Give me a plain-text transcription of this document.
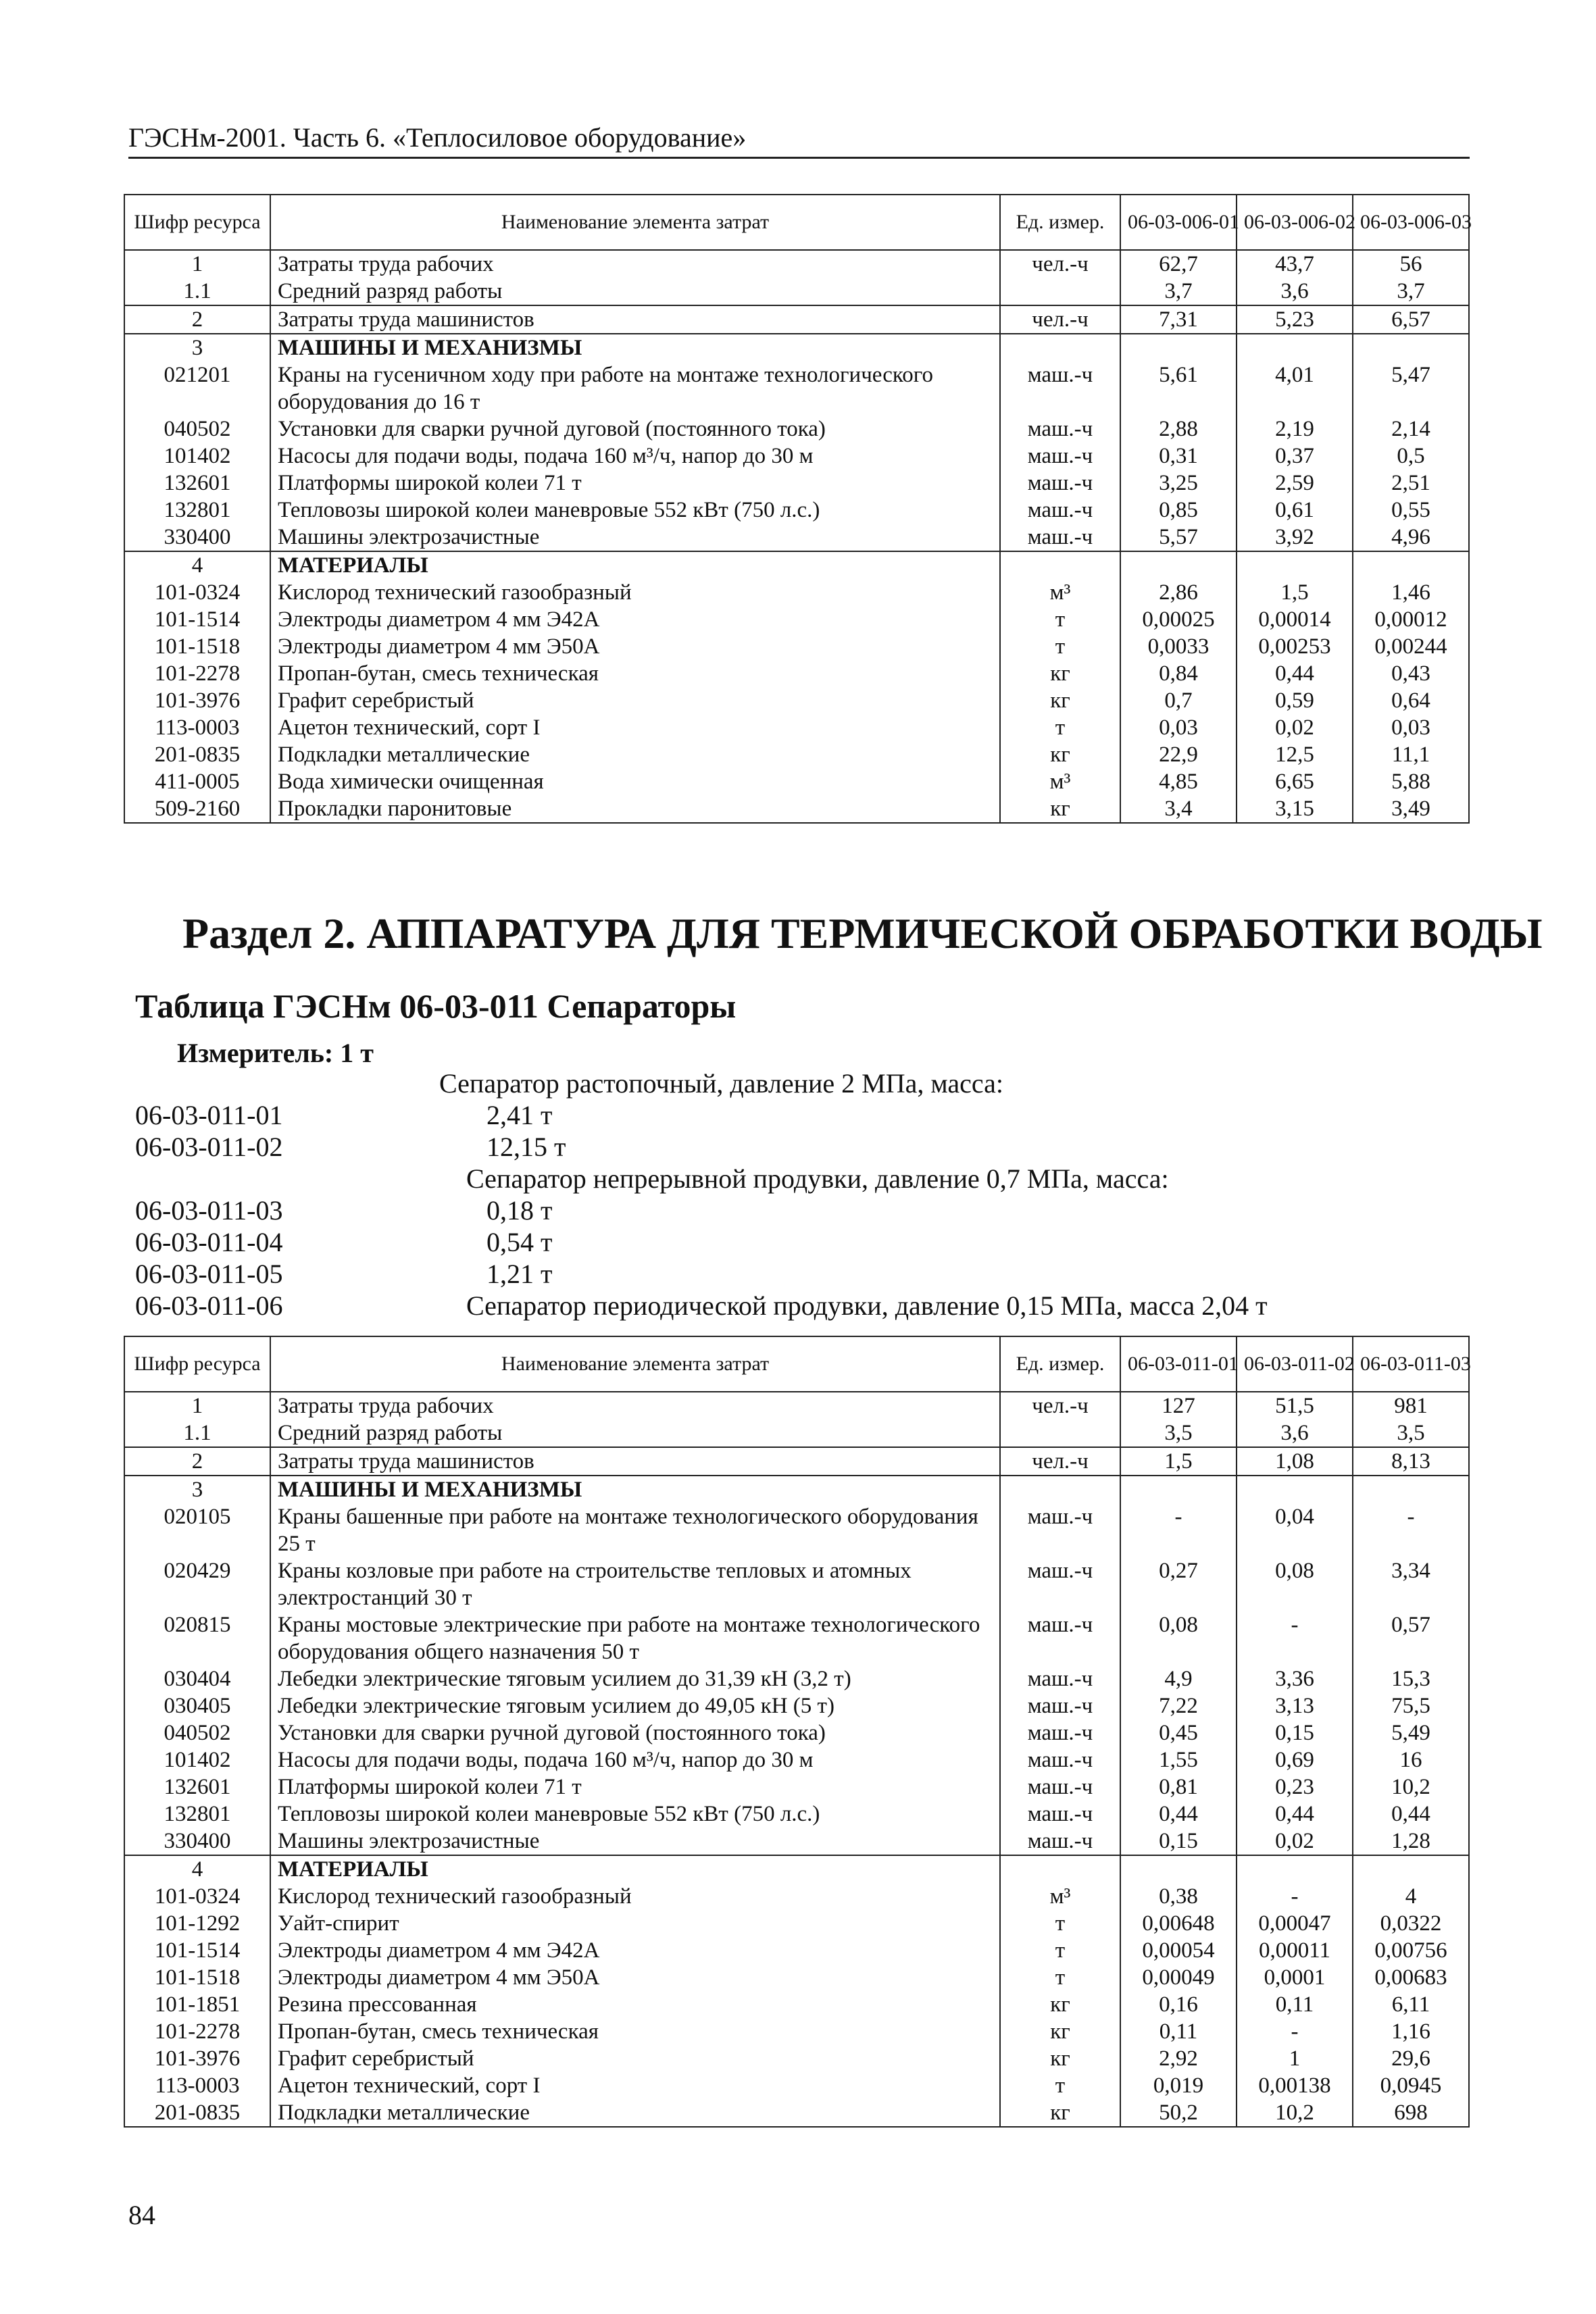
ГЭСНм-2001. Часть 6. «Теплосиловое оборудование»
Шифр ресурса	Наименование элемента затрат	Ед. измер.	06-03-006-01	06-03-006-02	06-03-006-03
1	Затраты труда рабочих	чел.-ч	62,7	43,7	56
1.1	Средний разряд работы		3,7	3,6	3,7
2	Затраты труда машинистов	чел.-ч	7,31	5,23	6,57
3	МАШИНЫ И МЕХАНИЗМЫ				
021201	Краны на гусеничном ходу при работе на монтаже технологического оборудования до 16 т	маш.-ч	5,61	4,01	5,47
040502	Установки для сварки ручной дуговой (постоянного тока)	маш.-ч	2,88	2,19	2,14
101402	Насосы для подачи воды, подача 160 м³/ч, напор до 30 м	маш.-ч	0,31	0,37	0,5
132601	Платформы широкой колеи 71 т	маш.-ч	3,25	2,59	2,51
132801	Тепловозы широкой колеи маневровые 552 кВт (750 л.с.)	маш.-ч	0,85	0,61	0,55
330400	Машины электрозачистные	маш.-ч	5,57	3,92	4,96
4	МАТЕРИАЛЫ				
101-0324	Кислород технический газообразный	м³	2,86	1,5	1,46
101-1514	Электроды диаметром 4 мм Э42А	т	0,00025	0,00014	0,00012
101-1518	Электроды диаметром 4 мм Э50А	т	0,0033	0,00253	0,00244
101-2278	Пропан-бутан, смесь техническая	кг	0,84	0,44	0,43
101-3976	Графит серебристый	кг	0,7	0,59	0,64
113-0003	Ацетон технический, сорт I	т	0,03	0,02	0,03
201-0835	Подкладки металлические	кг	22,9	12,5	11,1
411-0005	Вода химически очищенная	м³	4,85	6,65	5,88
509-2160	Прокладки паронитовые	кг	3,4	3,15	3,49
Раздел 2. АППАРАТУРА ДЛЯ ТЕРМИЧЕСКОЙ ОБРАБОТКИ ВОДЫ
Таблица ГЭСНм 06-03-011 Сепараторы
Измеритель: 1 т
Сепаратор растопочный, давление 2 МПа, масса:
06-03-011-01	2,41 т
06-03-011-02	12,15 т
Сепаратор непрерывной продувки, давление 0,7 МПа, масса:
06-03-011-03	0,18 т
06-03-011-04	0,54 т
06-03-011-05	1,21 т
06-03-011-06	Сепаратор периодической продувки, давление 0,15 МПа, масса 2,04 т
Шифр ресурса	Наименование элемента затрат	Ед. измер.	06-03-011-01	06-03-011-02	06-03-011-03
1	Затраты труда рабочих	чел.-ч	127	51,5	981
1.1	Средний разряд работы		3,5	3,6	3,5
2	Затраты труда машинистов	чел.-ч	1,5	1,08	8,13
3	МАШИНЫ И МЕХАНИЗМЫ				
020105	Краны башенные при работе на монтаже технологического оборудования 25 т	маш.-ч	-	0,04	-
020429	Краны козловые при работе на строительстве тепловых и атомных электростанций 30 т	маш.-ч	0,27	0,08	3,34
020815	Краны мостовые электрические при работе на монтаже технологического оборудования общего назначения 50 т	маш.-ч	0,08	-	0,57
030404	Лебедки электрические тяговым усилием до 31,39 кН (3,2 т)	маш.-ч	4,9	3,36	15,3
030405	Лебедки электрические тяговым усилием до 49,05 кН (5 т)	маш.-ч	7,22	3,13	75,5
040502	Установки для сварки ручной дуговой (постоянного тока)	маш.-ч	0,45	0,15	5,49
101402	Насосы для подачи воды, подача 160 м³/ч, напор до 30 м	маш.-ч	1,55	0,69	16
132601	Платформы широкой колеи 71 т	маш.-ч	0,81	0,23	10,2
132801	Тепловозы широкой колеи маневровые 552 кВт (750 л.с.)	маш.-ч	0,44	0,44	0,44
330400	Машины электрозачистные	маш.-ч	0,15	0,02	1,28
4	МАТЕРИАЛЫ				
101-0324	Кислород технический газообразный	м³	0,38	-	4
101-1292	Уайт-спирит	т	0,00648	0,00047	0,0322
101-1514	Электроды диаметром 4 мм Э42А	т	0,00054	0,00011	0,00756
101-1518	Электроды диаметром 4 мм Э50А	т	0,00049	0,0001	0,00683
101-1851	Резина прессованная	кг	0,16	0,11	6,11
101-2278	Пропан-бутан, смесь техническая	кг	0,11	-	1,16
101-3976	Графит серебристый	кг	2,92	1	29,6
113-0003	Ацетон технический, сорт I	т	0,019	0,00138	0,0945
201-0835	Подкладки металлические	кг	50,2	10,2	698
84
